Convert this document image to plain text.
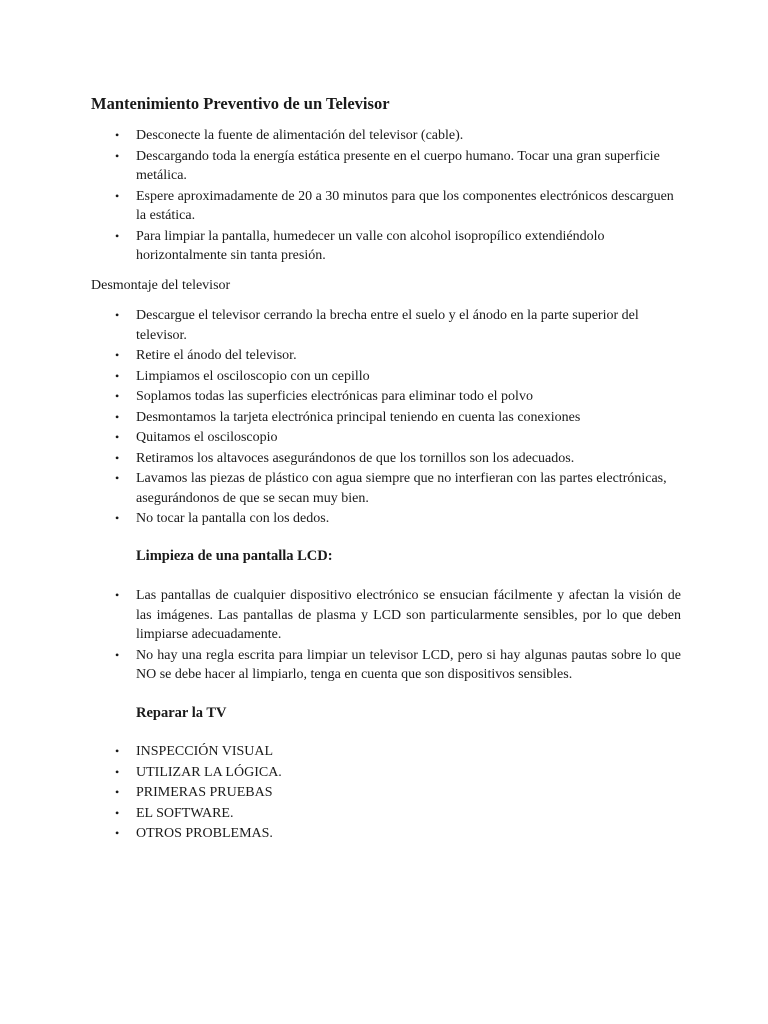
Mantenimiento Preventivo de un Televisor
• Desconecte la fuente de alimentación del televisor (cable).
• Descargando toda la energía estática presente en el cuerpo humano. Tocar una gran superficie metálica.
• Espere aproximadamente de 20 a 30 minutos para que los componentes electrónicos descarguen la estática.
• Para limpiar la pantalla, humedecer un valle con alcohol isopropílico extendiéndolo horizontalmente sin tanta presión.

Desmontaje del televisor

• Descargue el televisor cerrando la brecha entre el suelo y el ánodo en la parte superior del televisor.
• Retire el ánodo del televisor.
• Limpiamos el osciloscopio con un cepillo
• Soplamos todas las superficies electrónicas para eliminar todo el polvo
• Desmontamos la tarjeta electrónica principal teniendo en cuenta las conexiones
• Quitamos el osciloscopio
• Retiramos los altavoces asegurándonos de que los tornillos son los adecuados.
• Lavamos las piezas de plástico con agua siempre que no interfieran con las partes electrónicas, asegurándonos de que se secan muy bien.
• No tocar la pantalla con los dedos.

Limpieza de una pantalla LCD:

• Las pantallas de cualquier dispositivo electrónico se ensucian fácilmente y afectan la visión de las imágenes. Las pantallas de plasma y LCD son particularmente sensibles, por lo que deben limpiarse adecuadamente.
• No hay una regla escrita para limpiar un televisor LCD, pero si hay algunas pautas sobre lo que NO se debe hacer al limpiarlo, tenga en cuenta que son dispositivos sensibles.

Reparar la TV

• INSPECCIÓN VISUAL
• UTILIZAR LA LÓGICA.
• PRIMERAS PRUEBAS
• EL SOFTWARE.
• OTROS PROBLEMAS.
